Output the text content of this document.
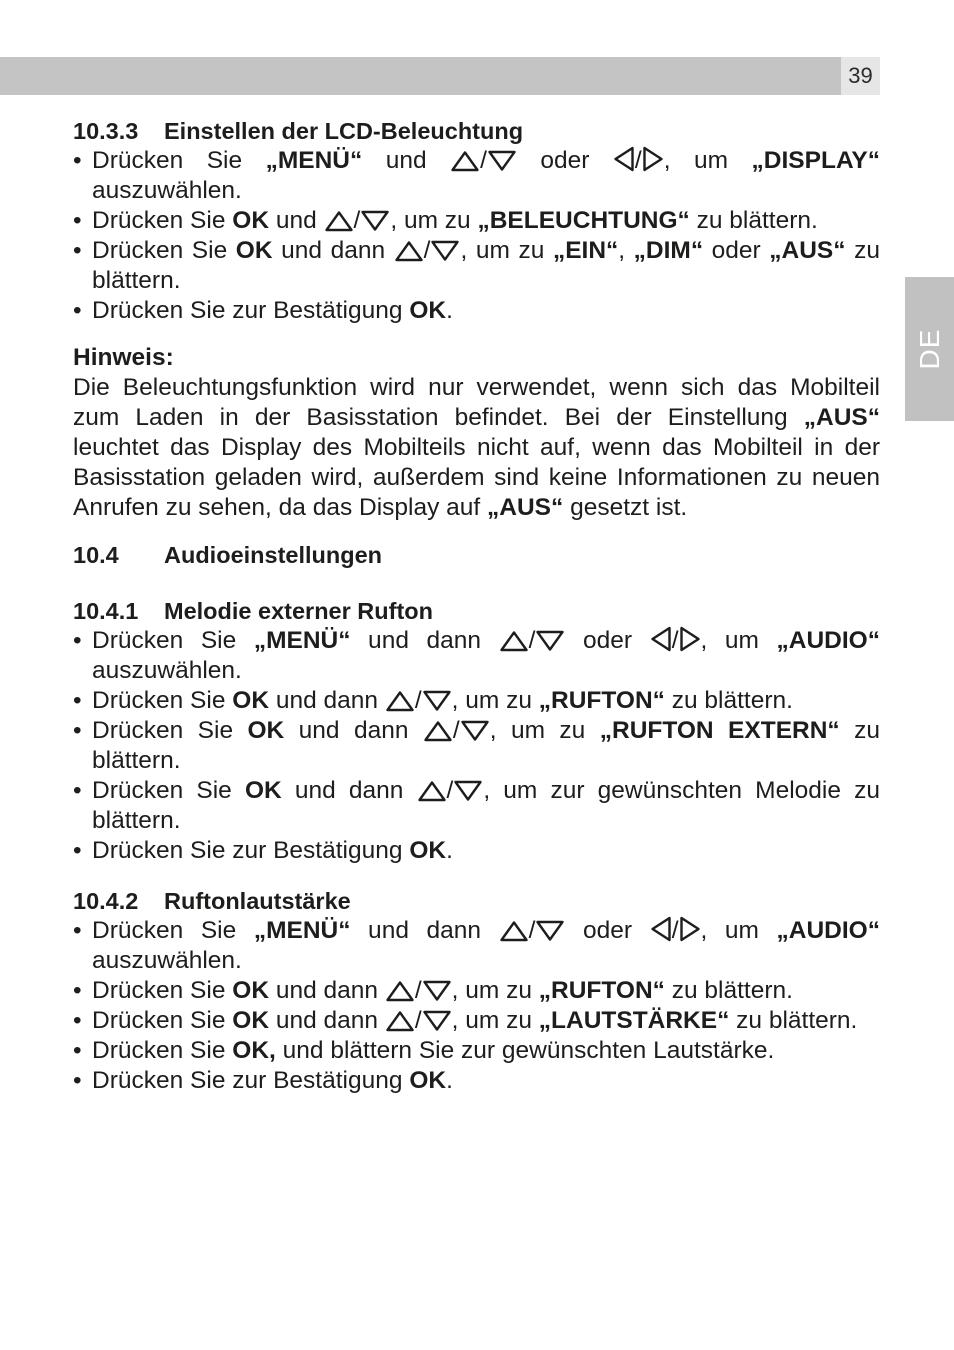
39
DE
10.3.3 Einstellen der LCD-Beleuchtung
• Drücken Sie „MENÜ“ und
/
oder
/ , um „DISPLAY“ auszuwählen.
• Drücken Sie OK und
/ , um zu „BELEUCHTUNG“ zu blättern.
• Drücken Sie OK und dann
/ , um zu „EIN“, „DIM“ oder „AUS“ zu blättern.
• Drücken Sie zur Bestätigung OK.
Hinweis:

Die Beleuchtungsfunktion wird nur verwendet, wenn sich das Mobilteil zum Laden in der Basisstation befindet. Bei der Einstellung „AUS“ leuchtet das Display des Mobilteils nicht auf, wenn das Mobilteil in der Basisstation geladen wird, außerdem sind keine Informationen zu neuen Anrufen zu sehen, da das Display auf „AUS“ gesetzt ist.

10.4 Audioeinstellungen
10.4.1 Melodie externer Rufton
• Drücken Sie „MENÜ“ und dann
/
oder
/ , um „AUDIO“ auszuwählen.
• Drücken Sie OK und dann
/ , um zu „RUFTON“ zu blättern.
• Drücken Sie OK und dann
/ , um zu „RUFTON EXTERN“ zu blättern.
• Drücken Sie OK und dann
/ , um zur gewünschten Melodie zu blättern.
• Drücken Sie zur Bestätigung OK.
10.4.2 Ruftonlautstärke
• Drücken Sie „MENÜ“ und dann
/
oder
/ , um „AUDIO“ auszuwählen.
• Drücken Sie OK und dann
/ , um zu „RUFTON“ zu blättern.
• Drücken Sie OK und dann
/ , um zu „LAUTSTÄRKE“ zu blättern.
• Drücken Sie OK, und blättern Sie zur gewünschten Lautstärke.
• Drücken Sie zur Bestätigung OK.
